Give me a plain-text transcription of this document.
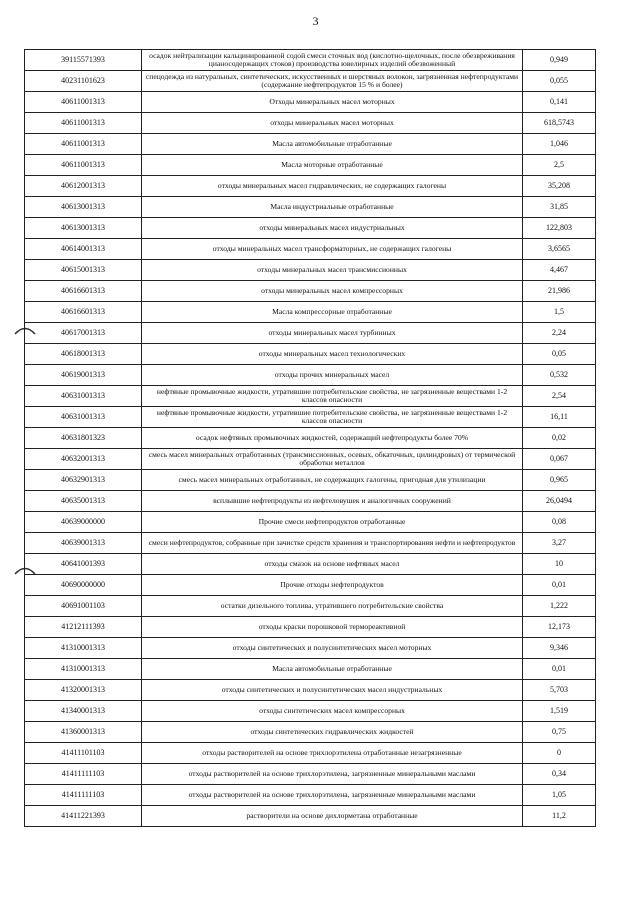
3
39115571393	осадок нейтрализации кальцинированной содой смеси сточных вод (кислотно-щелочных, после обезвреживания цианосодержащих стоков) производства ювелирных изделий обезвоженный	0,949
40231101623	спецодежда из натуральных, синтетических, искусственных и шерстяных волокон, загрязненная нефтепродуктами (содержание нефтепродуктов 15 % и более)	0,055
40611001313	Отходы минеральных масел моторных	0,141
40611001313	отходы минеральных масел моторных	618,5743
40611001313	Масла автомобильные отработанные	1,046
40611001313	Масла моторные отработанные	2,5
40612001313	отходы минеральных масел гидравлических, не содержащих галогены	35,208
40613001313	Масла индустриальные отработанные	31,85
40613001313	отходы минеральных масел индустриальных	122,803
40614001313	отходы минеральных масел трансформаторных, не содержащих галогены	3,6565
40615001313	отходы минеральных масел трансмиссионных	4,467
40616601313	отходы минеральных масел компрессорных	21,986
40616601313	Масла компрессорные отработанные	1,5
40617001313	отходы минеральных масел турбинных	2,24
40618001313	отходы минеральных масел технологических	0,05
40619001313	отходы прочих минеральных масел	0,532
40631001313	нефтяные промывочные жидкости, утратившие потребительские свойства, не загрязненные веществами 1-2 классов опасности	2,54
40631001313	нефтяные промывочные жидкости, утратившие потребительские свойства, не загрязненные веществами 1-2 классов опасности	16,11
40631801323	осадок нефтяных промывочных жидкостей, содержащий нефтепродукты более 70%	0,02
40632001313	смесь масел минеральных отработанных (трансмиссионных, осевых, обкаточных, цилиндровых) от термической обработки металлов	0,067
40632901313	смесь масел минеральных отработанных, не содержащих галогены, пригодная для утилизации	0,965
40635001313	всплывшие нефтепродукты из нефтеловушек и аналогичных сооружений	26,0494
40639000000	Прочие смеси нефтепродуктов отработанные	0,08
40639001313	смеси нефтепродуктов, собранные при зачистке средств хранения и транспортирования нефти и нефтепродуктов	3,27
40641001393	отходы смазок на основе нефтяных масел	10
40690000000	Прочие отходы нефтепродуктов	0,01
40691001103	остатки дизельного топлива, утратившего потребительские свойства	1,222
41212111393	отходы краски порошковой термореактивной	12,173
41310001313	отходы синтетических и полусинтетических масел моторных	9,346
41310001313	Масла автомобильные отработанные	0,01
41320001313	отходы синтетических и полусинтетических масел индустриальных	5,703
41340001313	отходы синтетических масел компрессорных	1,519
41360001313	отходы синтетических гидравлических жидкостей	0,75
41411101103	отходы растворителей на основе трихлорэтилена отработанные незагрязненные	0
41411111103	отходы растворителей на основе трихлорэтилена, загрязненные минеральными маслами	0,34
41411111103	отходы растворителей на основе трихлорэтилена, загрязненные минеральными маслами	1,05
41411221393	растворители на основе дихлорметана отработанные	11,2
